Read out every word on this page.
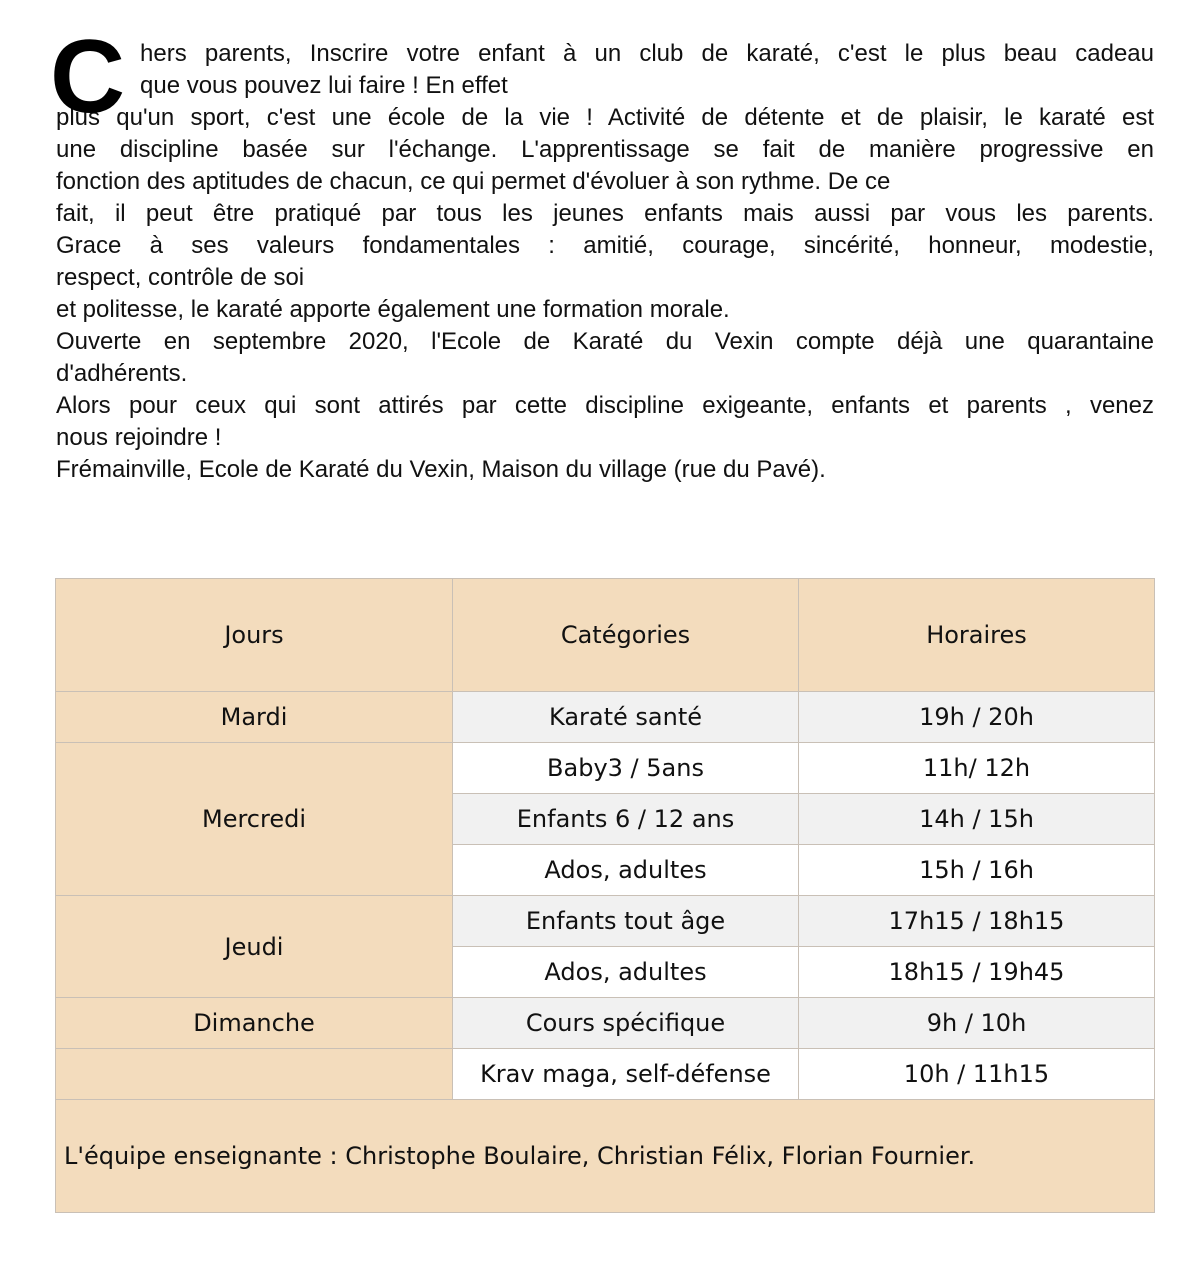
C hers parents, Inscrire votre enfant à un club de karaté, c'est le plus beau cadeau
que vous pouvez lui faire ! En effet
plus qu'un sport, c'est une école de la vie ! Activité de détente et de plaisir, le karaté est
une discipline basée sur l'échange. L'apprentissage se fait de manière progressive en
fonction des aptitudes de chacun, ce qui permet d'évoluer à son rythme. De ce
fait, il peut être pratiqué par tous les jeunes enfants mais aussi par vous les parents.
Grace à ses valeurs fondamentales : amitié, courage, sincérité, honneur, modestie,
respect, contrôle de soi
et politesse, le karaté apporte également une formation morale.
Ouverte en septembre 2020, l'Ecole de Karaté du Vexin compte déjà une quarantaine
d'adhérents.
Alors pour ceux qui sont attirés par cette discipline exigeante, enfants et parents , venez
nous rejoindre !
Frémainville, Ecole de Karaté du Vexin, Maison du village (rue du Pavé).
Jours	Catégories	Horaires
Mardi	Karaté santé	19h / 20h
Mercredi	Baby3 / 5ans	11h/ 12h
	Enfants 6 / 12 ans	14h / 15h
	Ados, adultes	15h / 16h
Jeudi	Enfants tout âge	17h15 / 18h15
	Ados, adultes	18h15 / 19h45
Dimanche	Cours spécifique	9h / 10h
	Krav maga, self-défense	10h / 11h15
L'équipe enseignante : Christophe Boulaire, Christian Félix, Florian Fournier.		
